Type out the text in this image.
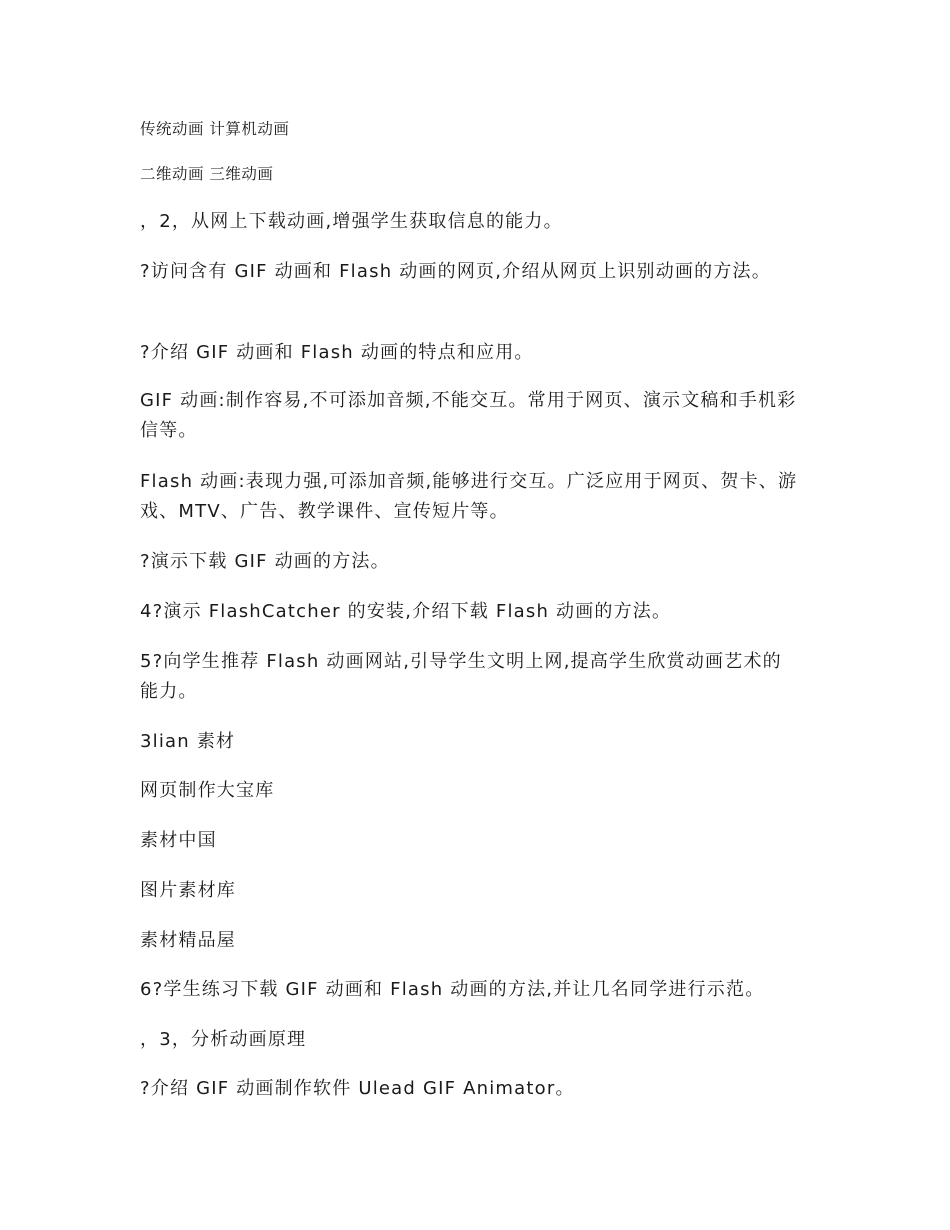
传统动画 计算机动画
二维动画 三维动画
，2，从网上下载动画,增强学生获取信息的能力。
?访问含有 GIF 动画和 Flash 动画的网页,介绍从网页上识别动画的方法。
?介绍 GIF 动画和 Flash 动画的特点和应用。
GIF 动画:制作容易,不可添加音频,不能交互。常用于网页、演示文稿和手机彩信等。
Flash 动画:表现力强,可添加音频,能够进行交互。广泛应用于网页、贺卡、游戏、MTV、广告、教学课件、宣传短片等。
?演示下载 GIF 动画的方法。
4?演示 FlashCatcher 的安装,介绍下载 Flash 动画的方法。
5?向学生推荐 Flash 动画网站,引导学生文明上网,提高学生欣赏动画艺术的能力。
3lian 素材
网页制作大宝库
素材中国
图片素材库
素材精品屋
6?学生练习下载 GIF 动画和 Flash 动画的方法,并让几名同学进行示范。
，3，分析动画原理
?介绍 GIF 动画制作软件 Ulead GIF Animator。
